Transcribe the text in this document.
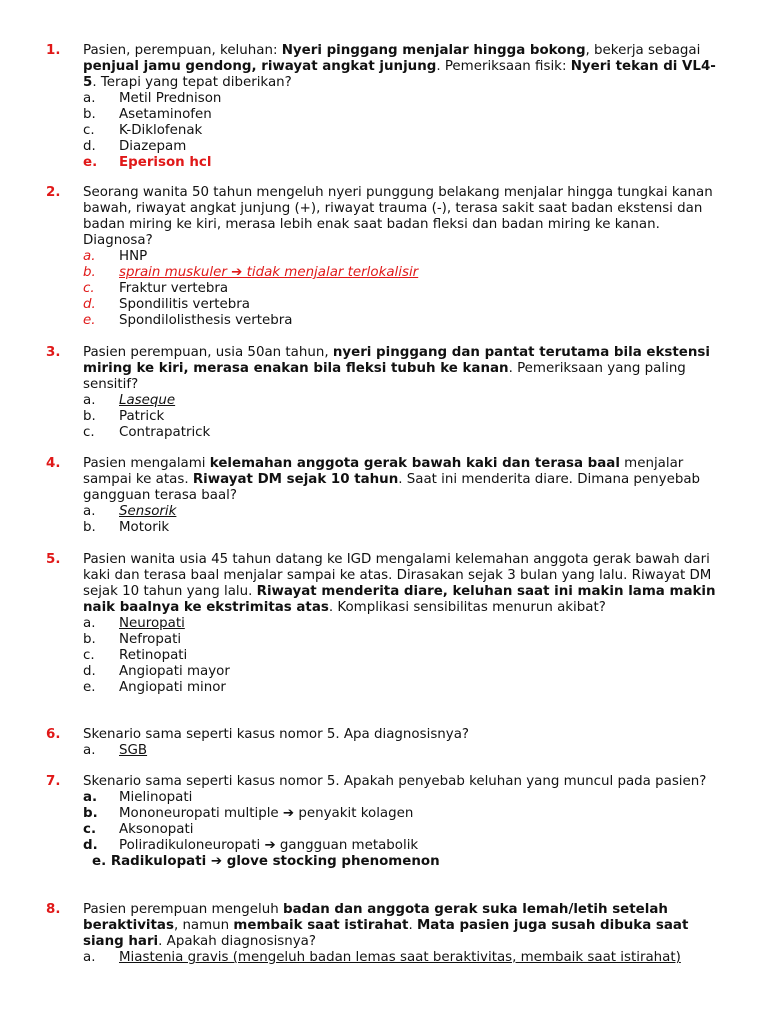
1. Pasien, perempuan, keluhan: Nyeri pinggang menjalar hingga bokong, bekerja sebagai penjual jamu gendong, riwayat angkat junjung. Pemeriksaan fisik: Nyeri tekan di VL4-5. Terapi yang tepat diberikan?
a. Metil Prednison
b. Asetaminofen
c. K-Diklofenak
d. Diazepam
e. Eperison hcl
2. Seorang wanita 50 tahun mengeluh nyeri punggung belakang menjalar hingga tungkai kanan bawah, riwayat angkat junjung (+), riwayat trauma (-), terasa sakit saat badan ekstensi dan badan miring ke kiri, merasa lebih enak saat badan fleksi dan badan miring ke kanan. Diagnosa?
a. HNP
b. sprain muskuler ➔ tidak menjalar terlokalisir
c. Fraktur vertebra
d. Spondilitis vertebra
e. Spondilolisthesis vertebra
3. Pasien perempuan, usia 50an tahun, nyeri pinggang dan pantat terutama bila ekstensi miring ke kiri, merasa enakan bila fleksi tubuh ke kanan. Pemeriksaan yang paling sensitif?
a. Laseque
b. Patrick
c. Contrapatrick
4. Pasien mengalami kelemahan anggota gerak bawah kaki dan terasa baal menjalar sampai ke atas. Riwayat DM sejak 10 tahun. Saat ini menderita diare. Dimana penyebab gangguan terasa baal?
a. Sensorik
b. Motorik
5. Pasien wanita usia 45 tahun datang ke IGD mengalami kelemahan anggota gerak bawah dari kaki dan terasa baal menjalar sampai ke atas. Dirasakan sejak 3 bulan yang lalu. Riwayat DM sejak 10 tahun yang lalu. Riwayat menderita diare, keluhan saat ini makin lama makin naik baalnya ke ekstrimitas atas. Komplikasi sensibilitas menurun akibat?
a. Neuropati
b. Nefropati
c. Retinopati
d. Angiopati mayor
e. Angiopati minor
6. Skenario sama seperti kasus nomor 5. Apa diagnosisnya?
a. SGB
7. Skenario sama seperti kasus nomor 5. Apakah penyebab keluhan yang muncul pada pasien?
a. Mielinopati
b. Mononeuropati multiple ➔ penyakit kolagen
c. Aksonopati
d. Poliradikuloneuropati ➔ gangguan metabolik
e. Radikulopati ➔ glove stocking phenomenon
8. Pasien perempuan mengeluh badan dan anggota gerak suka lemah/letih setelah beraktivitas, namun membaik saat istirahat. Mata pasien juga susah dibuka saat siang hari. Apakah diagnosisnya?
a. Miastenia gravis (mengeluh badan lemas saat beraktivitas, membaik saat istirahat)
